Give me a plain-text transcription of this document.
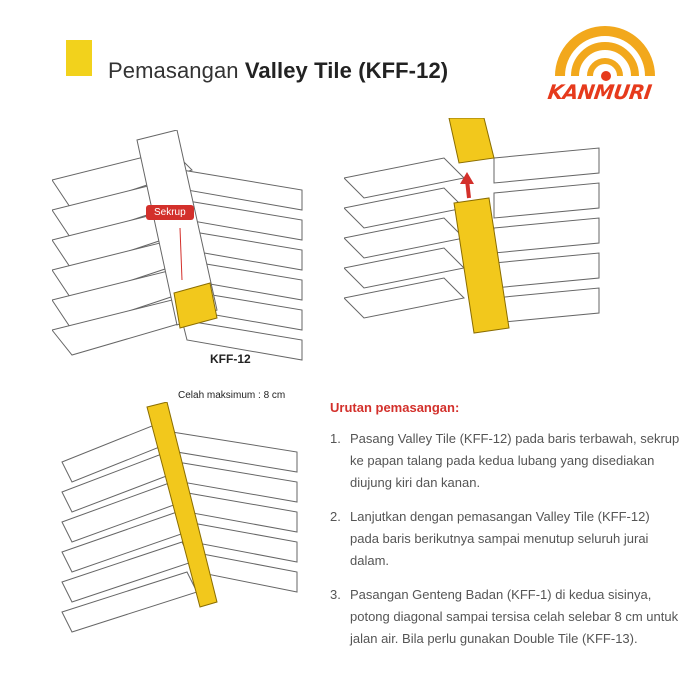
Pemasangan Valley Tile (KFF-12)
KANMURI
Sekrup
KFF-12
Celah maksimum : 8 cm
Urutan pemasangan:
1. Pasang Valley Tile (KFF-12) pada baris terbawah, sekrup ke papan talang pada kedua lubang yang disediakan diujung kiri dan kanan.
2. Lanjutkan dengan pemasangan Valley Tile (KFF-12) pada baris berikutnya sampai menutup seluruh jurai dalam.
3. Pasangan Genteng Badan (KFF-1) di kedua sisinya, potong diagonal sampai tersisa celah selebar 8 cm untuk jalan air. Bila perlu gunakan Double Tile (KFF-13).
